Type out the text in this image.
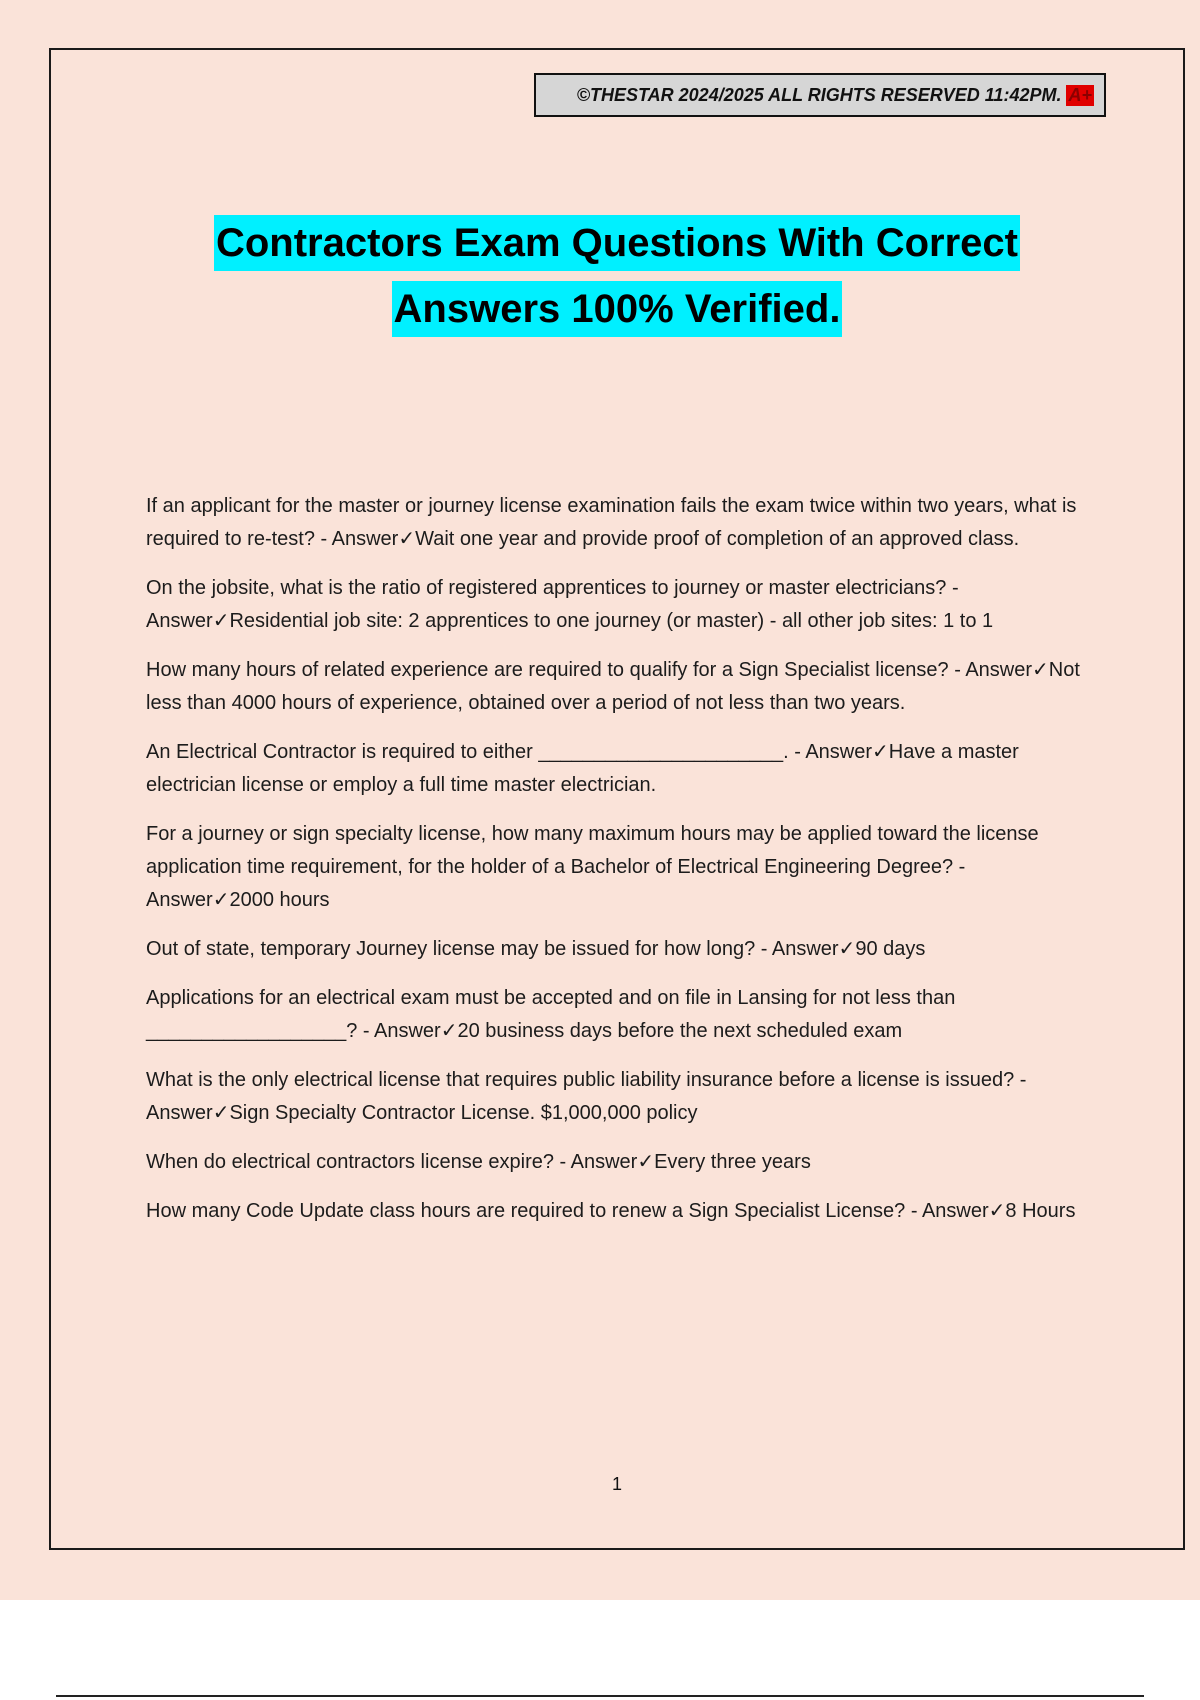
©THESTAR 2024/2025 ALL RIGHTS RESERVED 11:42PM. A+
Contractors Exam Questions With Correct
Answers 100% Verified.

If an applicant for the master or journey license examination fails the exam twice within two years, what is required to re-test? - Answer✓Wait one year and provide proof of completion of an approved class.

On the jobsite, what is the ratio of registered apprentices to journey or master electricians? - Answer✓Residential job site: 2 apprentices to one journey (or master) - all other job sites: 1 to 1

How many hours of related experience are required to qualify for a Sign Specialist license? - Answer✓Not less than 4000 hours of experience, obtained over a period of not less than two years.

An Electrical Contractor is required to either ______________________. - Answer✓Have a master electrician license or employ a full time master electrician.

For a journey or sign specialty license, how many maximum hours may be applied toward the license application time requirement, for the holder of a Bachelor of Electrical Engineering Degree? - Answer✓2000 hours

Out of state, temporary Journey license may be issued for how long? - Answer✓90 days

Applications for an electrical exam must be accepted and on file in Lansing for not less than __________________? - Answer✓20 business days before the next scheduled exam

What is the only electrical license that requires public liability insurance before a license is issued? - Answer✓Sign Specialty Contractor License. $1,000,000 policy

When do electrical contractors license expire? - Answer✓Every three years

How many Code Update class hours are required to renew a Sign Specialist License? - Answer✓8 Hours

1
